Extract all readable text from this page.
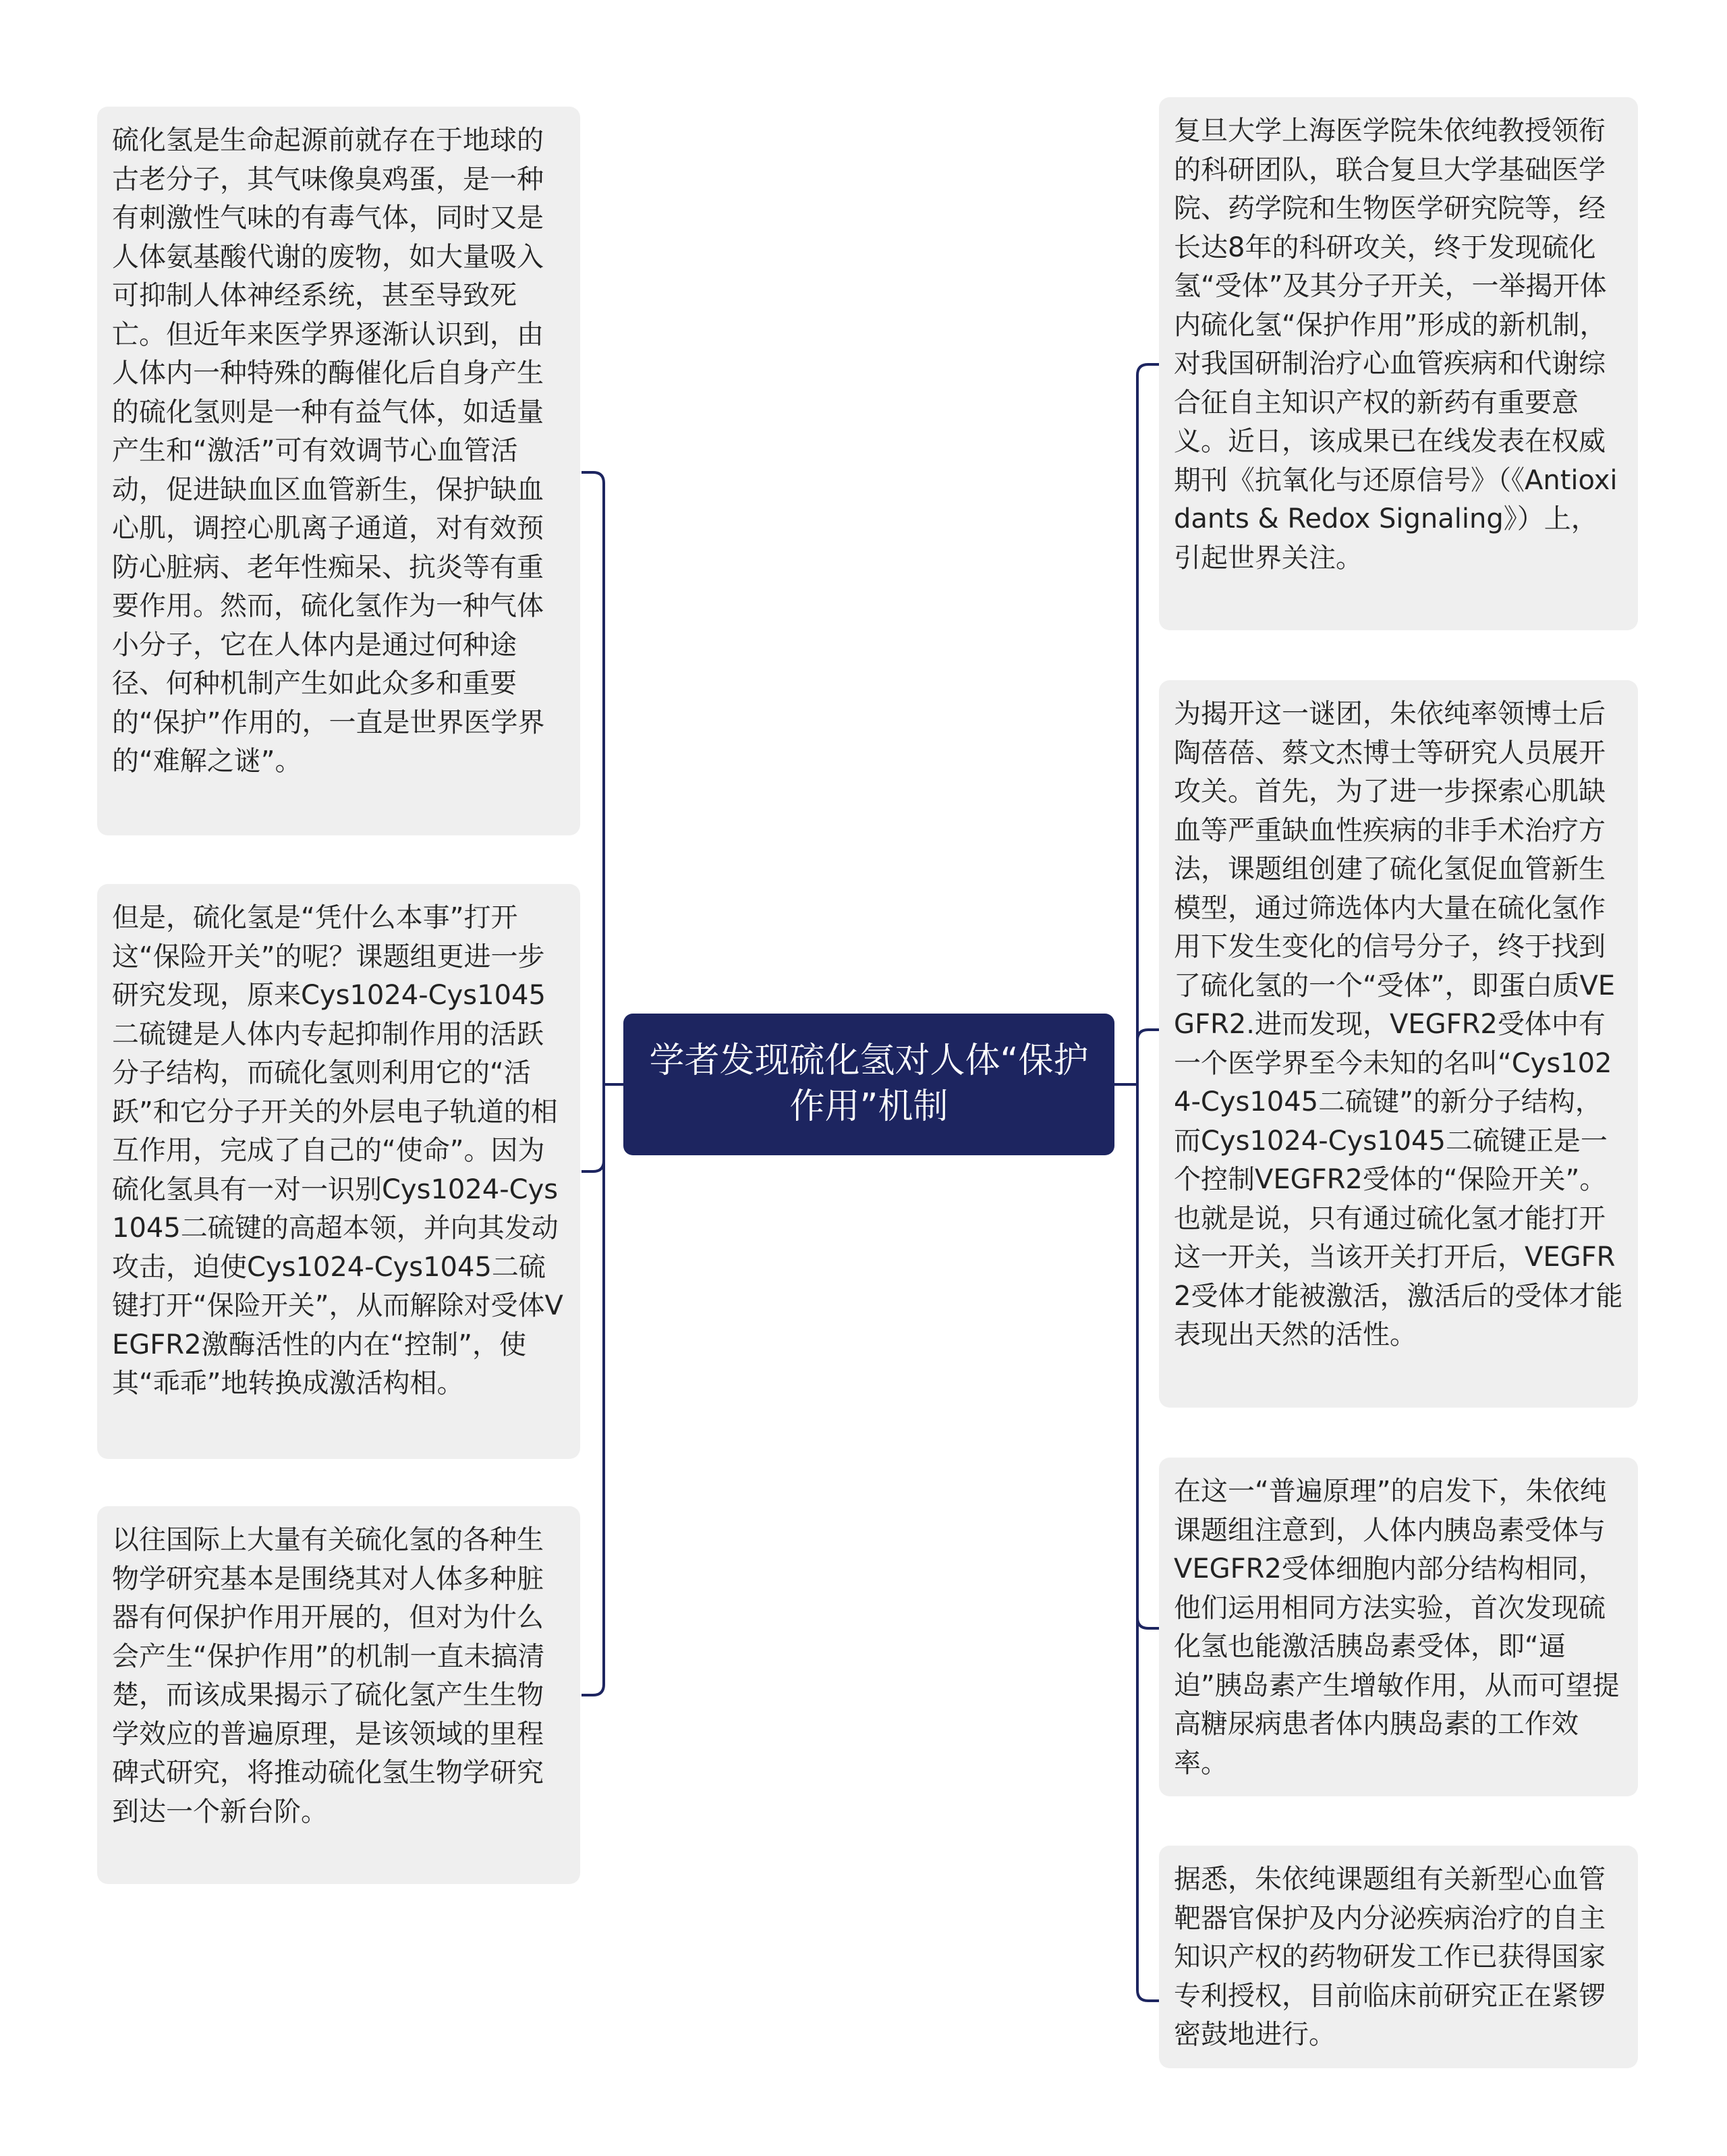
学者发现硫化氢对人体“保护作用”机制
硫化氢是生命起源前就存在于地球的古老分子，其气味像臭鸡蛋，是一种有刺激性气味的有毒气体，同时又是人体氨基酸代谢的废物，如大量吸入可抑制人体神经系统，甚至导致死亡。但近年来医学界逐渐认识到，由人体内一种特殊的酶催化后自身产生的硫化氢则是一种有益气体，如适量产生和“激活”可有效调节心血管活动，促进缺血区血管新生，保护缺血心肌，调控心肌离子通道，对有效预防心脏病、老年性痴呆、抗炎等有重要作用。然而，硫化氢作为一种气体小分子，它在人体内是通过何种途径、何种机制产生如此众多和重要的“保护”作用的，一直是世界医学界的“难解之谜”。
但是，硫化氢是“凭什么本事”打开这“保险开关”的呢？课题组更进一步研究发现，原来Cys1024-Cys1045二硫键是人体内专起抑制作用的活跃分子结构，而硫化氢则利用它的“活跃”和它分子开关的外层电子轨道的相互作用，完成了自己的“使命”。因为硫化氢具有一对一识别Cys1024-Cys1045二硫键的高超本领，并向其发动攻击，迫使Cys1024-Cys1045二硫键打开“保险开关”，从而解除对受体VEGFR2激酶活性的内在“控制”，使其“乖乖”地转换成激活构相。
以往国际上大量有关硫化氢的各种生物学研究基本是围绕其对人体多种脏器有何保护作用开展的，但对为什么会产生“保护作用”的机制一直未搞清楚，而该成果揭示了硫化氢产生生物学效应的普遍原理，是该领域的里程碑式研究，将推动硫化氢生物学研究到达一个新台阶。
复旦大学上海医学院朱依纯教授领衔的科研团队，联合复旦大学基础医学院、药学院和生物医学研究院等，经长达8年的科研攻关，终于发现硫化氢“受体”及其分子开关，一举揭开体内硫化氢“保护作用”形成的新机制，对我国研制治疗心血管疾病和代谢综合征自主知识产权的新药有重要意义。近日，该成果已在线发表在权威期刊《抗氧化与还原信号》（《Antioxidants & Redox Signaling》）上，引起世界关注。
为揭开这一谜团，朱依纯率领博士后陶蓓蓓、蔡文杰博士等研究人员展开攻关。首先，为了进一步探索心肌缺血等严重缺血性疾病的非手术治疗方法，课题组创建了硫化氢促血管新生模型，通过筛选体内大量在硫化氢作用下发生变化的信号分子，终于找到了硫化氢的一个“受体”，即蛋白质VEGFR2.进而发现，VEGFR2受体中有一个医学界至今未知的名叫“Cys1024-Cys1045二硫键”的新分子结构，而Cys1024-Cys1045二硫键正是一个控制VEGFR2受体的“保险开关”。也就是说，只有通过硫化氢才能打开这一开关，当该开关打开后，VEGFR2受体才能被激活，激活后的受体才能表现出天然的活性。
在这一“普遍原理”的启发下，朱依纯课题组注意到，人体内胰岛素受体与VEGFR2受体细胞内部分结构相同，他们运用相同方法实验，首次发现硫化氢也能激活胰岛素受体，即“逼迫”胰岛素产生增敏作用，从而可望提高糖尿病患者体内胰岛素的工作效率。
据悉，朱依纯课题组有关新型心血管靶器官保护及内分泌疾病治疗的自主知识产权的药物研发工作已获得国家专利授权，目前临床前研究正在紧锣密鼓地进行。
